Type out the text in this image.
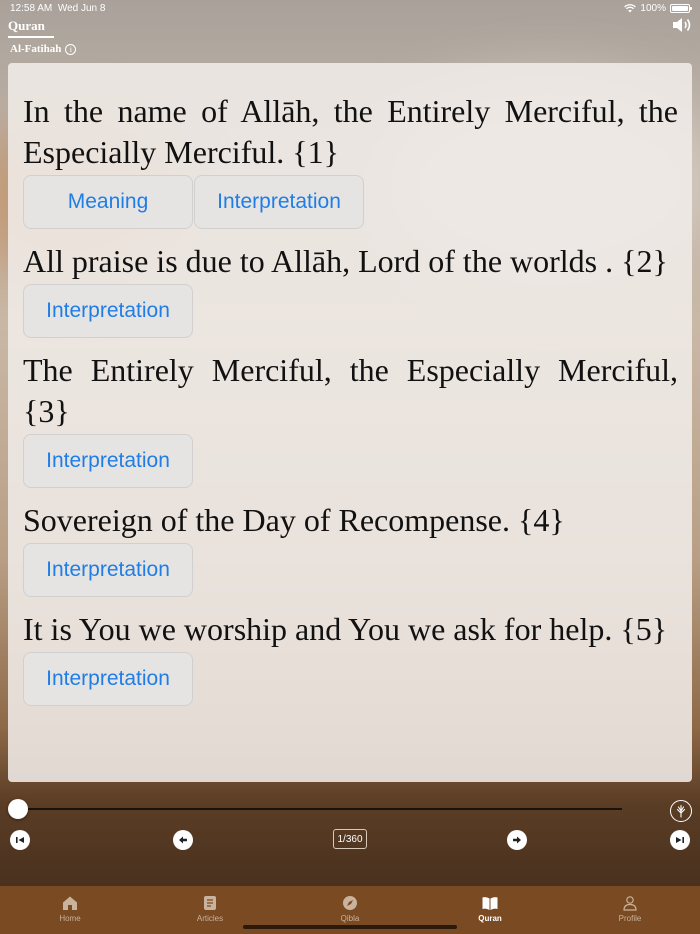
12:58 AM Wed Jun 8	100%
Quran
Al-Fatihah	i
In the name of Allāh, the Entirely Merciful, the Especially Merciful. {1}
Meaning	Interpretation
All praise is due to Allāh, Lord of the worlds . {2}
Interpretation
The Entirely Merciful, the Especially Merciful, {3}
Interpretation
Sovereign of the Day of Recompense. {4}
Interpretation
It is You we worship and You we ask for help. {5}
Interpretation
1/360
Home	Articles	Qibla	Quran	Profile
